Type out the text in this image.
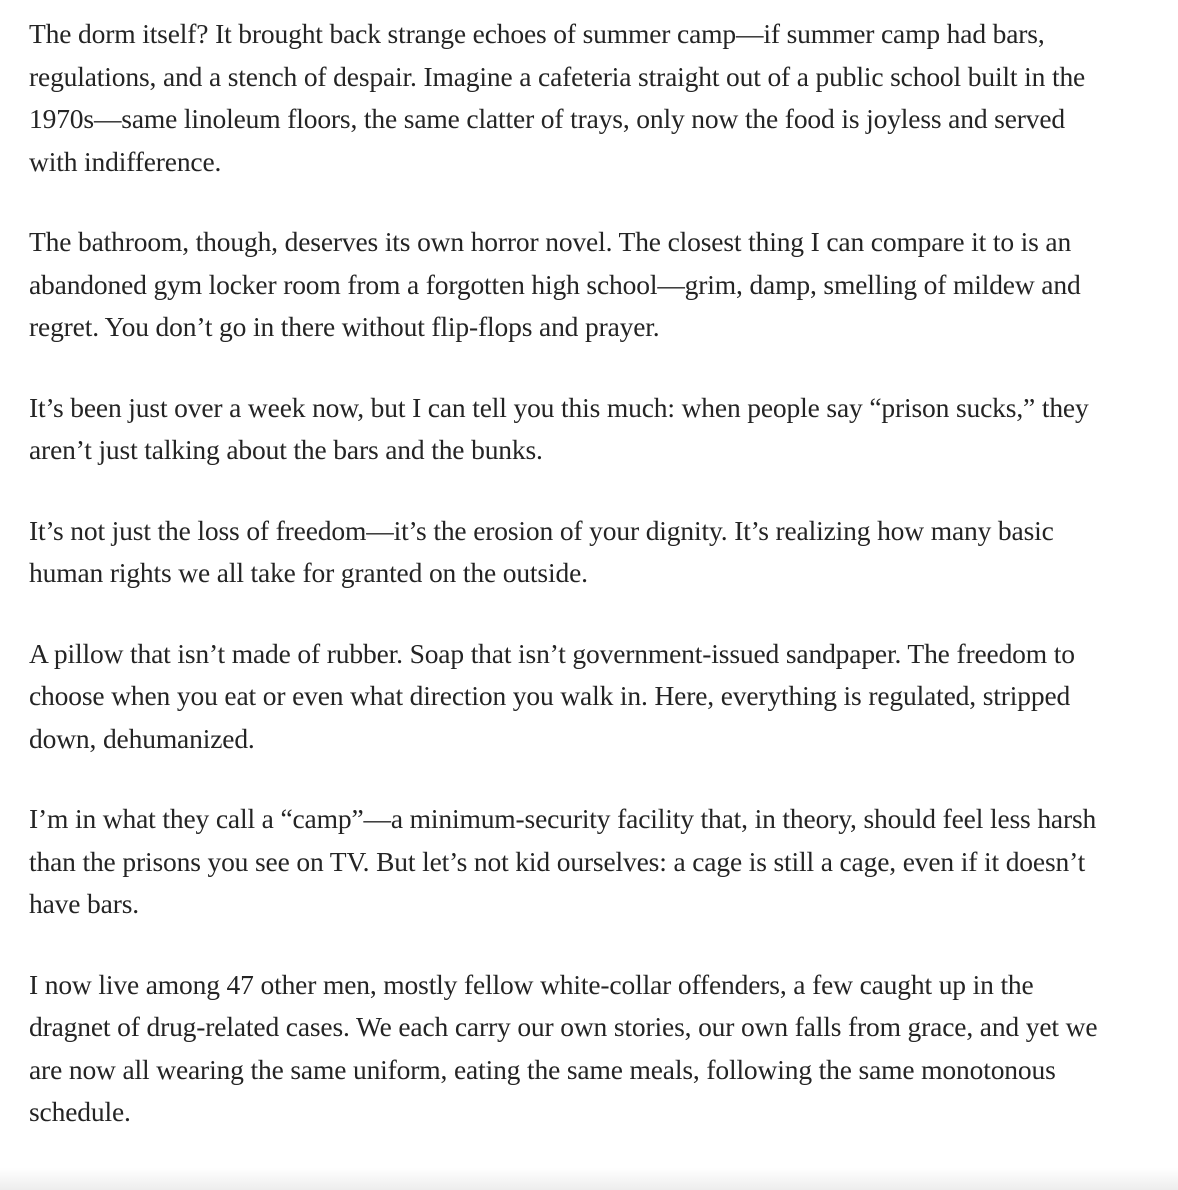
The dorm itself? It brought back strange echoes of summer camp—if summer camp had bars, regulations, and a stench of despair. Imagine a cafeteria straight out of a public school built in the 1970s—same linoleum floors, the same clatter of trays, only now the food is joyless and served with indifference.

The bathroom, though, deserves its own horror novel. The closest thing I can compare it to is an abandoned gym locker room from a forgotten high school—grim, damp, smelling of mildew and regret. You don’t go in there without flip-flops and prayer.

It’s been just over a week now, but I can tell you this much: when people say “prison sucks,” they aren’t just talking about the bars and the bunks.

It’s not just the loss of freedom—it’s the erosion of your dignity. It’s realizing how many basic human rights we all take for granted on the outside.

A pillow that isn’t made of rubber. Soap that isn’t government-issued sandpaper. The freedom to choose when you eat or even what direction you walk in. Here, everything is regulated, stripped down, dehumanized.

I’m in what they call a “camp”—a minimum-security facility that, in theory, should feel less harsh than the prisons you see on TV. But let’s not kid ourselves: a cage is still a cage, even if it doesn’t have bars.

I now live among 47 other men, mostly fellow white-collar offenders, a few caught up in the dragnet of drug-related cases. We each carry our own stories, our own falls from grace, and yet we are now all wearing the same uniform, eating the same meals, following the same monotonous schedule.
